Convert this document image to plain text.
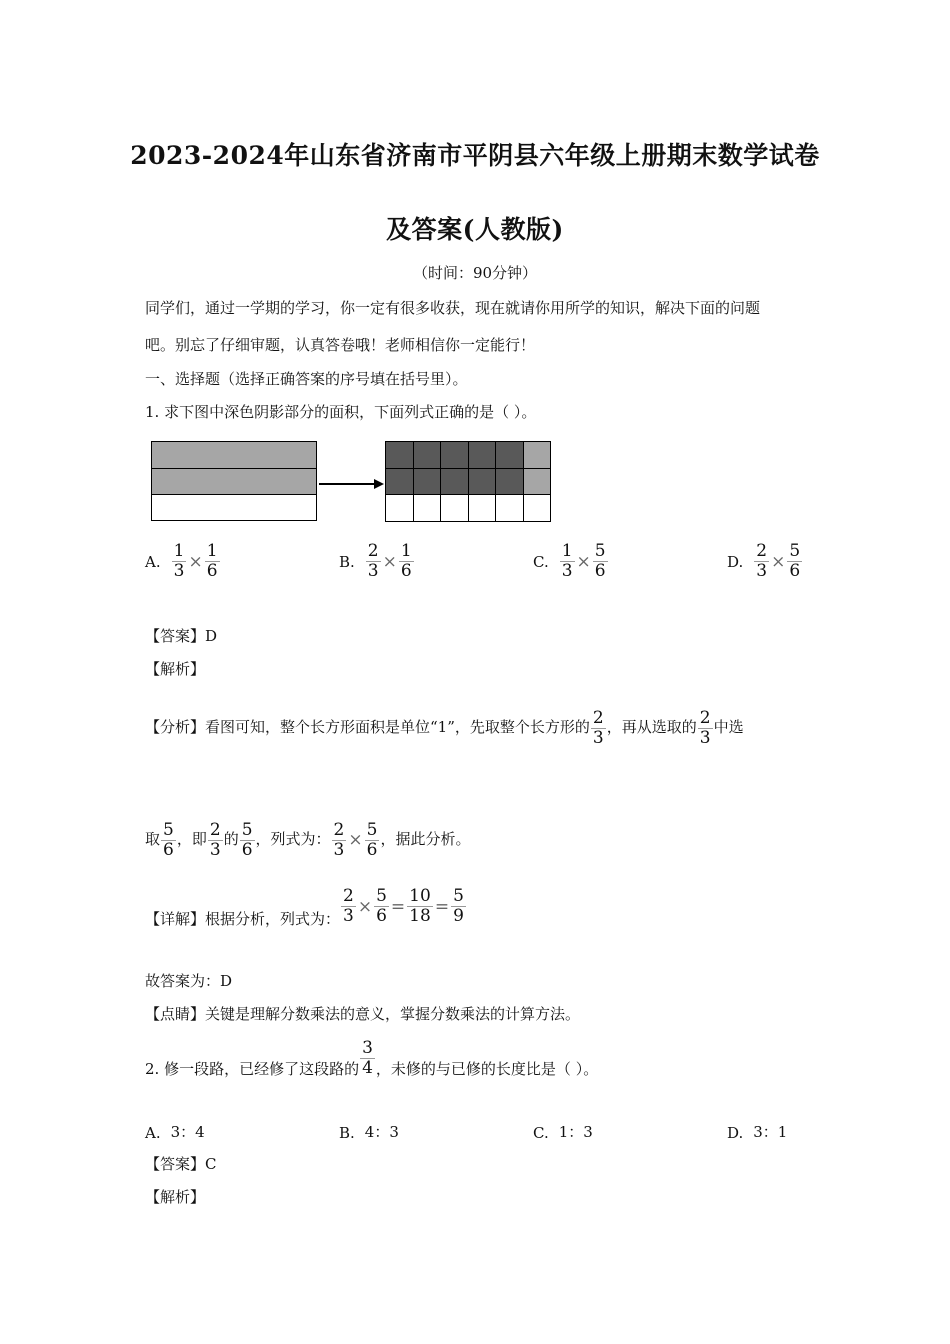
2023-2024年山东省济南市平阴县六年级上册期末数学试卷
及答案(人教版)
（时间：90分钟）
同学们，通过一学期的学习，你一定有很多收获，现在就请你用所学的知识，解决下面的问题
吧。别忘了仔细审题，认真答卷哦！老师相信你一定能行！
一、选择题（选择正确答案的序号填在括号里）。
1. 求下图中深色阴影部分的面积，下面列式正确的是（ ）。
A. $\frac{1}{3} \times \frac{1}{6}$	B. $\frac{2}{3} \times \frac{1}{6}$	C. $\frac{1}{3} \times \frac{5}{6}$	D. $\frac{2}{3} \times \frac{5}{6}$
【答案】D
【解析】
【分析】看图可知，整个长方形面积是单位“1”，先取整个长方形的 $\frac{2}{3}$ ，再从选取的 $\frac{2}{3}$ 中选
取 $\frac{5}{6}$ ，即 $\frac{2}{3}$ 的 $\frac{5}{6}$ ，列式为： $\frac{2}{3} \times \frac{5}{6}$ ，据此分析。
【详解】根据分析，列式为： $\frac{2}{3} \times \frac{5}{6} = \frac{10}{18} = \frac{5}{9}$
故答案为：D
【点睛】关键是理解分数乘法的意义，掌握分数乘法的计算方法。
2. 修一段路，已经修了这段路的 $\frac{3}{4}$ ，未修的与已修的长度比是（ ）。
A. 3：4	B. 4：3	C. 1：3	D. 3：1
【答案】C
【解析】
